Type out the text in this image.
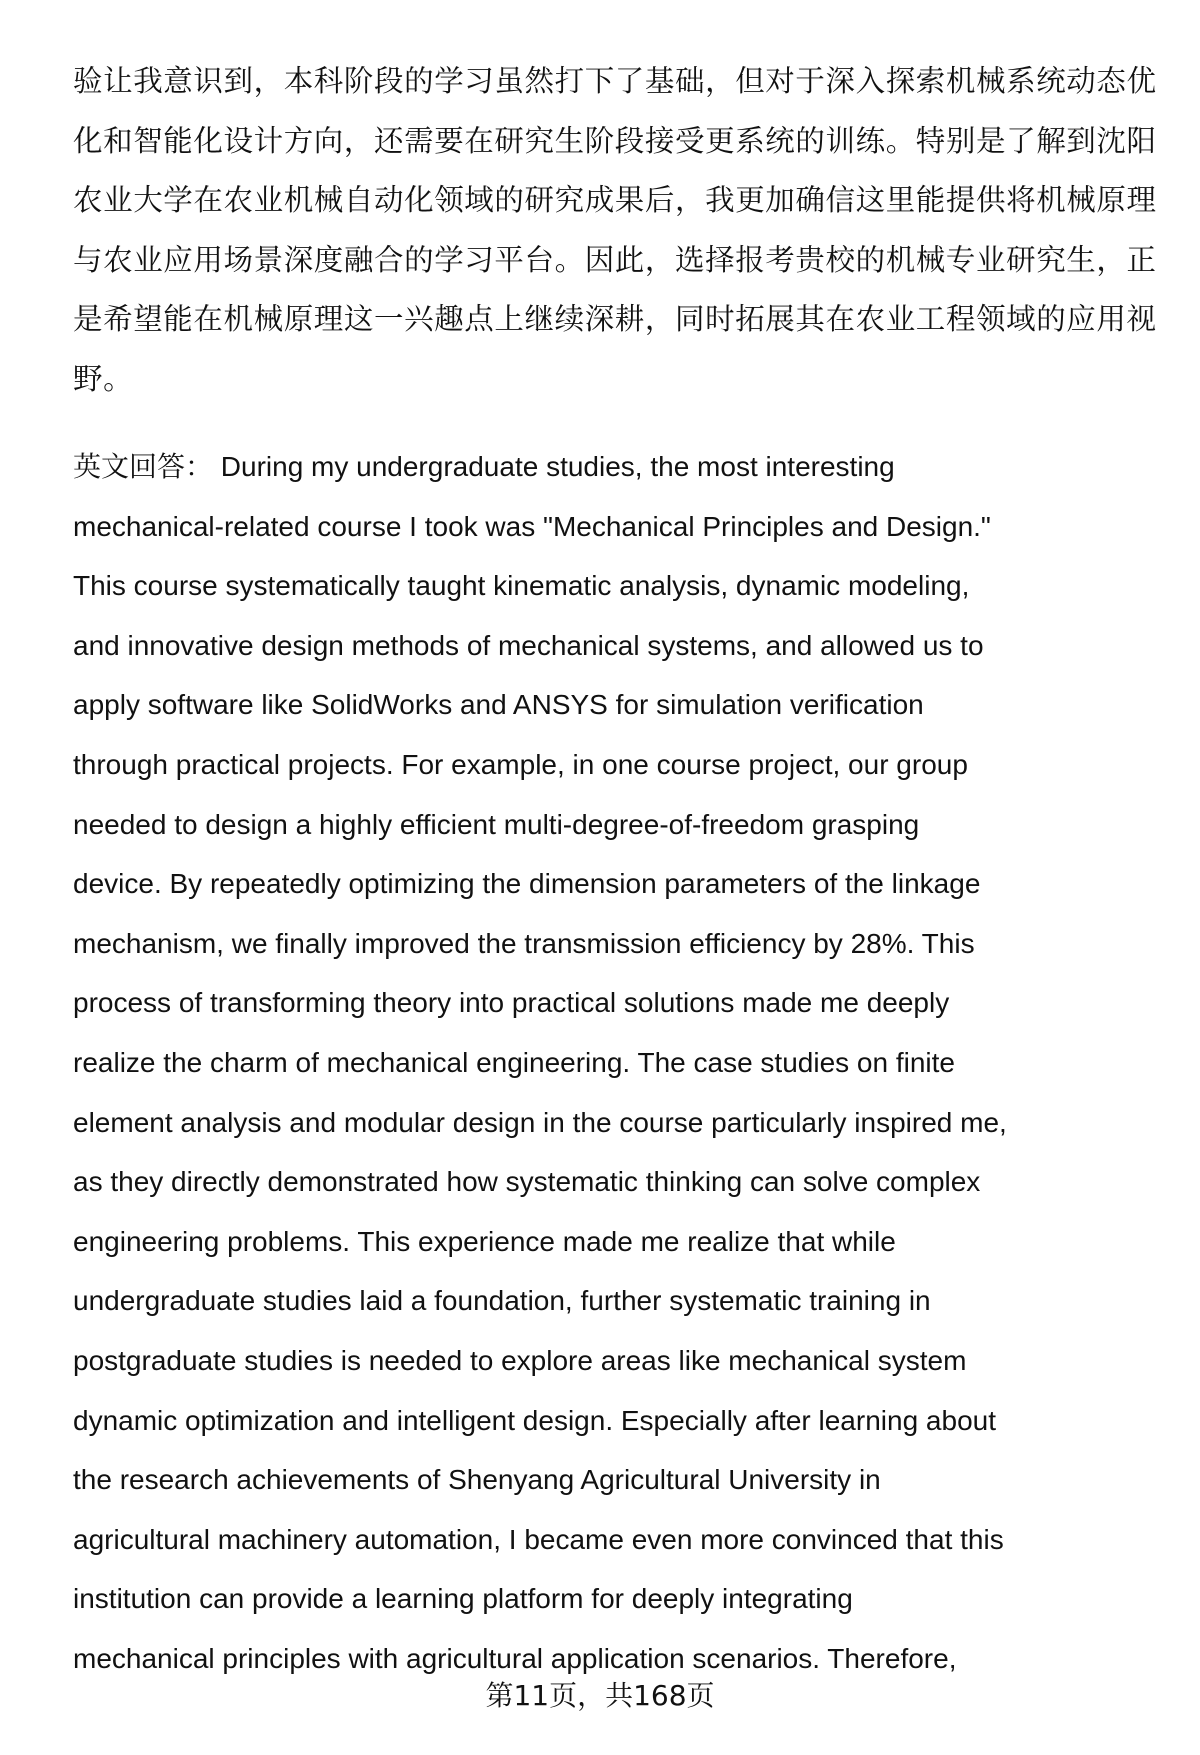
验让我意识到，本科阶段的学习虽然打下了基础，但对于深入探索机械系统动态优
化和智能化设计方向，还需要在研究生阶段接受更系统的训练。特别是了解到沈阳
农业大学在农业机械自动化领域的研究成果后，我更加确信这里能提供将机械原理
与农业应用场景深度融合的学习平台。因此，选择报考贵校的机械专业研究生，正
是希望能在机械原理这一兴趣点上继续深耕，同时拓展其在农业工程领域的应用视
野。
英文回答： During my undergraduate studies, the most interesting
mechanical-related course I took was "Mechanical Principles and Design."
This course systematically taught kinematic analysis, dynamic modeling,
and innovative design methods of mechanical systems, and allowed us to
apply software like SolidWorks and ANSYS for simulation verification
through practical projects. For example, in one course project, our group
needed to design a highly efficient multi-degree-of-freedom grasping
device. By repeatedly optimizing the dimension parameters of the linkage
mechanism, we finally improved the transmission efficiency by 28%. This
process of transforming theory into practical solutions made me deeply
realize the charm of mechanical engineering. The case studies on finite
element analysis and modular design in the course particularly inspired me,
as they directly demonstrated how systematic thinking can solve complex
engineering problems. This experience made me realize that while
undergraduate studies laid a foundation, further systematic training in
postgraduate studies is needed to explore areas like mechanical system
dynamic optimization and intelligent design. Especially after learning about
the research achievements of Shenyang Agricultural University in
agricultural machinery automation, I became even more convinced that this
institution can provide a learning platform for deeply integrating
mechanical principles with agricultural application scenarios. Therefore,
第11页，共168页
